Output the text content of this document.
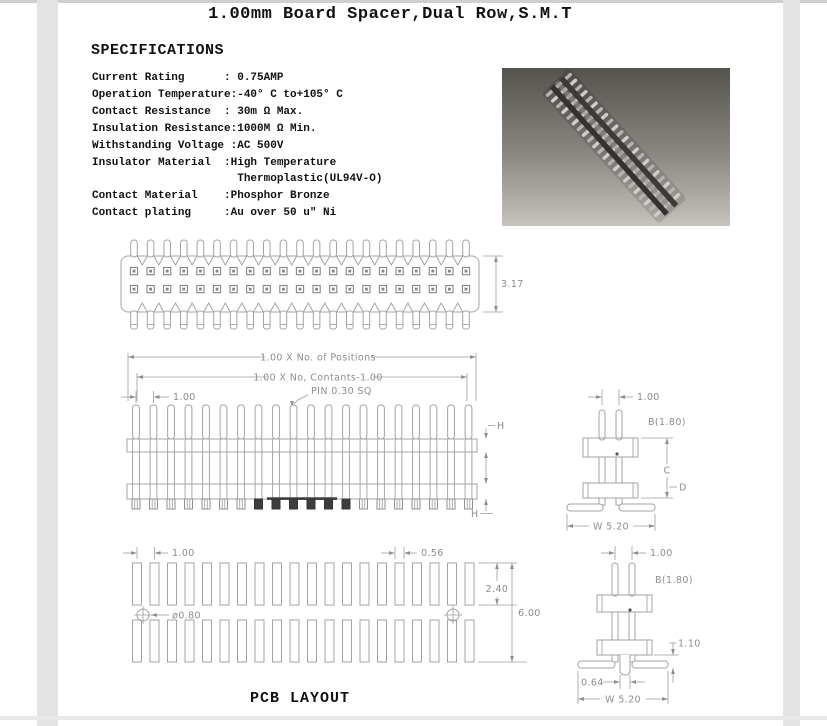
1.00mm Board Spacer,Dual Row,S.M.T
SPECIFICATIONS
Current Rating      : 0.75AMP
Operation Temperature:-40° C to+105° C
Contact Resistance  : 30m Ω Max.
Insulation Resistance:1000M Ω Min.
Withstanding Voltage :AC 500V
Insulator Material  :High Temperature
Thermoplastic(UL94V-O)
Contact Material    :Phosphor Bronze
Contact plating     :Au over 50 u" Ni
3.17
1.00 X No. of Positions
1.00 X No, Contants-1.00
1.00
PIN 0.30 SQ
H
H
1.00
B(1.80)
W 5.20
C
D
1.00	0.56
2.40
6.00
ø0.80
1.00
B(1.80)
1.10
0.64
W 5.20
PCB LAYOUT
